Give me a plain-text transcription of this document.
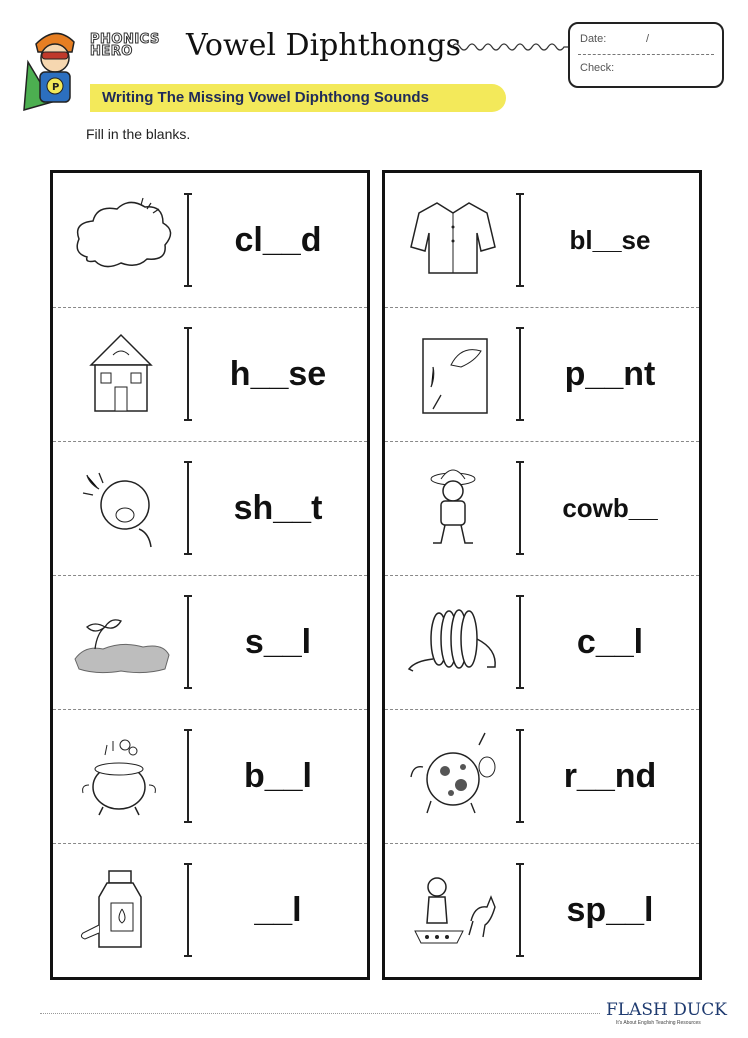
P
PHONICS
HERO	Vowel Diphthongs	Date:	/
Check:
Writing The Missing Vowel Diphthong Sounds
Fill in the blanks.
cl__d
h__se
sh__t
s__l
b__l
__l
bl__se
p__nt
cowb__
c__l
r__nd
sp__l
FLASH DUCK
It's About English Teaching Resources
